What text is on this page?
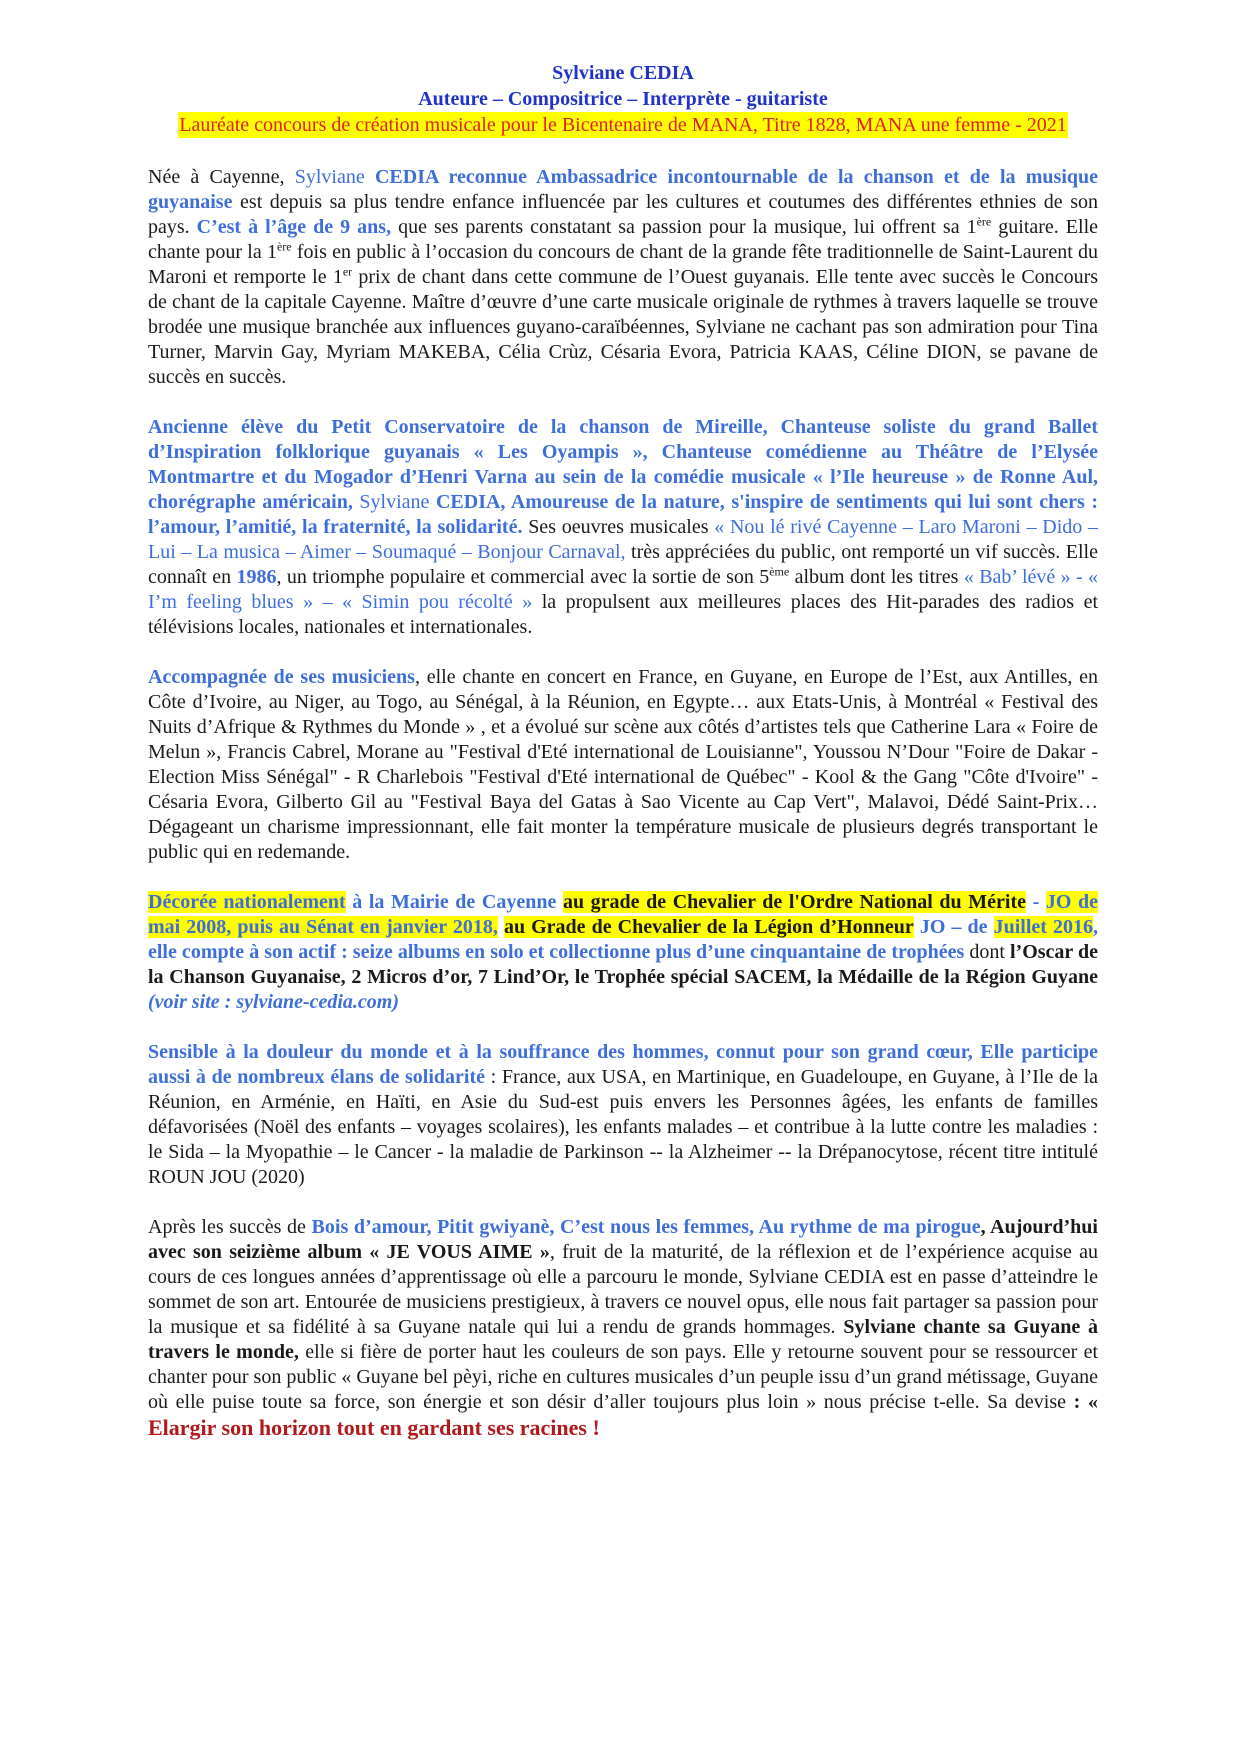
Sylviane CEDIA
Auteure – Compositrice – Interprète - guitariste
Lauréate concours de création musicale pour le Bicentenaire de MANA, Titre 1828, MANA une femme - 2021

Née à Cayenne, Sylviane CEDIA reconnue Ambassadrice incontournable de la chanson et de la musique guyanaise est depuis sa plus tendre enfance influencée par les cultures et coutumes des différentes ethnies de son pays. C’est à l’âge de 9 ans, que ses parents constatant sa passion pour la musique, lui offrent sa 1ère guitare. Elle chante pour la 1ère fois en public à l’occasion du concours de chant de la grande fête traditionnelle de Saint-Laurent du Maroni et remporte le 1er prix de chant dans cette commune de l’Ouest guyanais. Elle tente avec succès le Concours de chant de la capitale Cayenne. Maître d’œuvre d’une carte musicale originale de rythmes à travers laquelle se trouve brodée une musique branchée aux influences guyano-caraïbéennes, Sylviane ne cachant pas son admiration pour Tina Turner, Marvin Gay, Myriam MAKEBA, Célia Crùz, Césaria Evora, Patricia KAAS, Céline DION, se pavane de succès en succès.

Ancienne élève du Petit Conservatoire de la chanson de Mireille, Chanteuse soliste du grand Ballet d’Inspiration folklorique guyanais « Les Oyampis », Chanteuse comédienne au Théâtre de l’Elysée Montmartre et du Mogador d’Henri Varna au sein de la comédie musicale « l’Ile heureuse » de Ronne Aul, chorégraphe américain, Sylviane CEDIA, Amoureuse de la nature, s'inspire de sentiments qui lui sont chers : l’amour, l’amitié, la fraternité, la solidarité. Ses oeuvres musicales « Nou lé rivé Cayenne – Laro Maroni – Dido – Lui – La musica – Aimer – Soumaqué – Bonjour Carnaval, très appréciées du public, ont remporté un vif succès. Elle connaît en 1986, un triomphe populaire et commercial avec la sortie de son 5ème album dont les titres « Bab’ lévé » - « I’m feeling blues » – « Simin pou récolté » la propulsent aux meilleures places des Hit-parades des radios et télévisions locales, nationales et internationales.

Accompagnée de ses musiciens, elle chante en concert en France, en Guyane, en Europe de l’Est, aux Antilles, en Côte d’Ivoire, au Niger, au Togo, au Sénégal, à la Réunion, en Egypte… aux Etats-Unis, à Montréal « Festival des Nuits d’Afrique & Rythmes du Monde » , et a évolué sur scène aux côtés d’artistes tels que Catherine Lara « Foire de Melun », Francis Cabrel, Morane au "Festival d'Eté international de Louisianne", Youssou N’Dour "Foire de Dakar - Election Miss Sénégal" - R Charlebois "Festival d'Eté international de Québec" - Kool & the Gang "Côte d'Ivoire" - Césaria Evora, Gilberto Gil au "Festival Baya del Gatas à Sao Vicente au Cap Vert", Malavoi, Dédé Saint-Prix… Dégageant un charisme impressionnant, elle fait monter la température musicale de plusieurs degrés transportant le public qui en redemande.

Décorée nationalement à la Mairie de Cayenne au grade de Chevalier de l'Ordre National du Mérite - JO de mai 2008, puis au Sénat en janvier 2018, au Grade de Chevalier de la Légion d’Honneur JO – de Juillet 2016, elle compte à son actif : seize albums en solo et collectionne plus d’une cinquantaine de trophées dont l’Oscar de la Chanson Guyanaise, 2 Micros d’or, 7 Lind’Or, le Trophée spécial SACEM, la Médaille de la Région Guyane (voir site : sylviane-cedia.com)

Sensible à la douleur du monde et à la souffrance des hommes, connut pour son grand cœur, Elle participe aussi à de nombreux élans de solidarité : France, aux USA, en Martinique, en Guadeloupe, en Guyane, à l’Ile de la Réunion, en Arménie, en Haïti, en Asie du Sud-est puis envers les Personnes âgées, les enfants de familles défavorisées (Noël des enfants – voyages scolaires), les enfants malades – et contribue à la lutte contre les maladies : le Sida – la Myopathie – le Cancer - la maladie de Parkinson -- la Alzheimer -- la Drépanocytose, récent titre intitulé ROUN JOU (2020)

Après les succès de Bois d’amour, Pitit gwiyanè, C’est nous les femmes, Au rythme de ma pirogue, Aujourd’hui avec son seizième album « JE VOUS AIME », fruit de la maturité, de la réflexion et de l’expérience acquise au cours de ces longues années d’apprentissage où elle a parcouru le monde, Sylviane CEDIA est en passe d’atteindre le sommet de son art. Entourée de musiciens prestigieux, à travers ce nouvel opus, elle nous fait partager sa passion pour la musique et sa fidélité à sa Guyane natale qui lui a rendu de grands hommages. Sylviane chante sa Guyane à travers le monde, elle si fière de porter haut les couleurs de son pays. Elle y retourne souvent pour se ressourcer et chanter pour son public « Guyane bel pèyi, riche en cultures musicales d’un peuple issu d’un grand métissage, Guyane où elle puise toute sa force, son énergie et son désir d’aller toujours plus loin » nous précise t-elle. Sa devise : « Elargir son horizon tout en gardant ses racines !
